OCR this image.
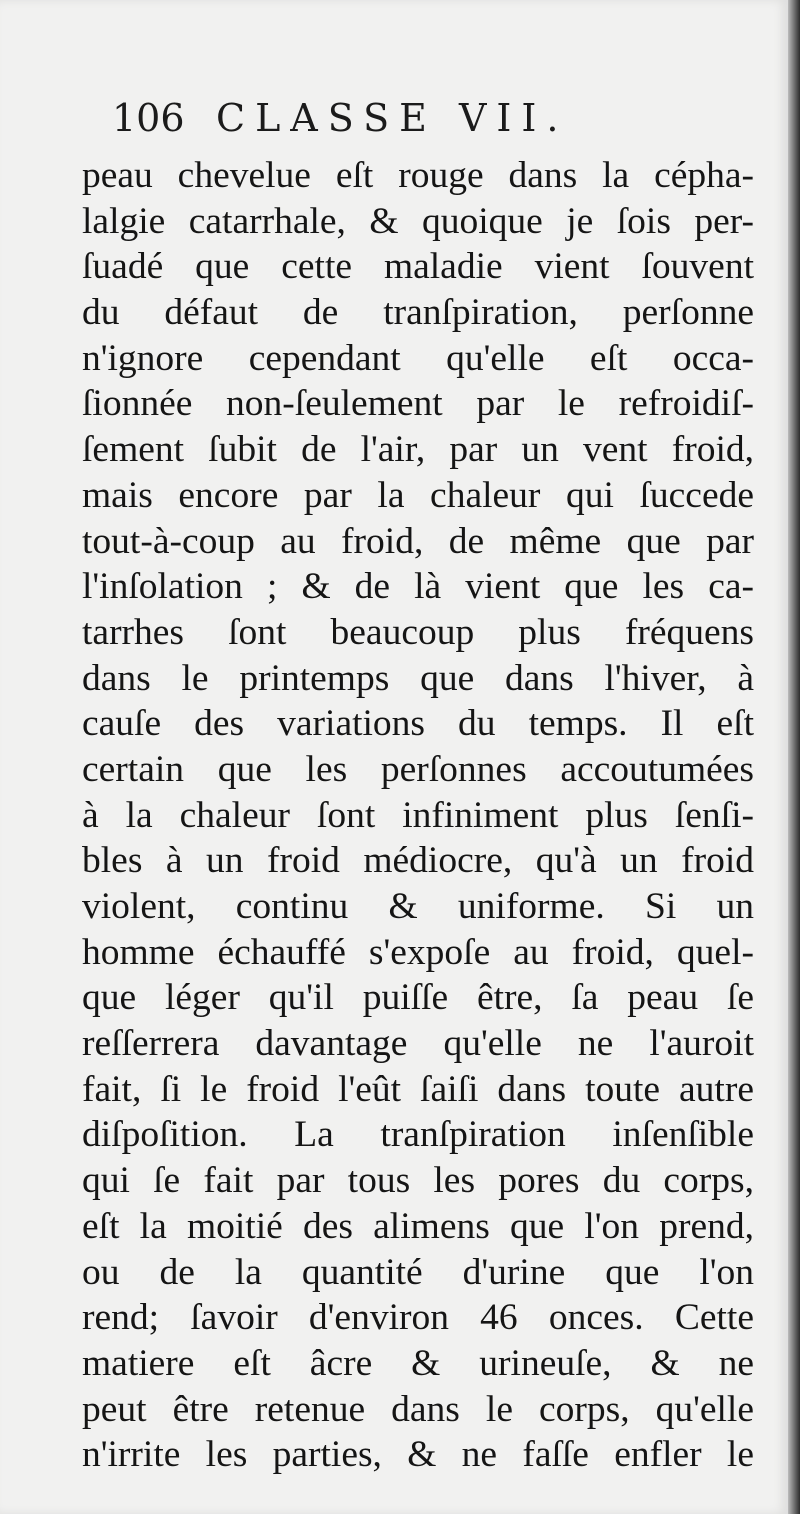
106 CLASSE VII.
peau chevelue eſt rouge dans la cépha-
lalgie catarrhale, & quoique je ſois per-
ſuadé que cette maladie vient ſouvent
du défaut de tranſpiration, perſonne
n'ignore cependant qu'elle eſt occa-
ſionnée non-ſeulement par le refroidiſ-
ſement ſubit de l'air, par un vent froid,
mais encore par la chaleur qui ſuccede
tout-à-coup au froid, de même que par
l'inſolation ; & de là vient que les ca-
tarrhes ſont beaucoup plus fréquens
dans le printemps que dans l'hiver, à
cauſe des variations du temps. Il eſt
certain que les perſonnes accoutumées
à la chaleur ſont infiniment plus ſenſi-
bles à un froid médiocre, qu'à un froid
violent, continu & uniforme. Si un
homme échauffé s'expoſe au froid, quel-
que léger qu'il puiſſe être, ſa peau ſe
reſſerrera davantage qu'elle ne l'auroit
fait, ſi le froid l'eût ſaiſi dans toute autre
diſpoſition. La tranſpiration inſenſible
qui ſe fait par tous les pores du corps,
eſt la moitié des alimens que l'on prend,
ou de la quantité d'urine que l'on
rend; ſavoir d'environ 46 onces. Cette
matiere eſt âcre & urineuſe, & ne
peut être retenue dans le corps, qu'elle
n'irrite les parties, & ne faſſe enfler le
